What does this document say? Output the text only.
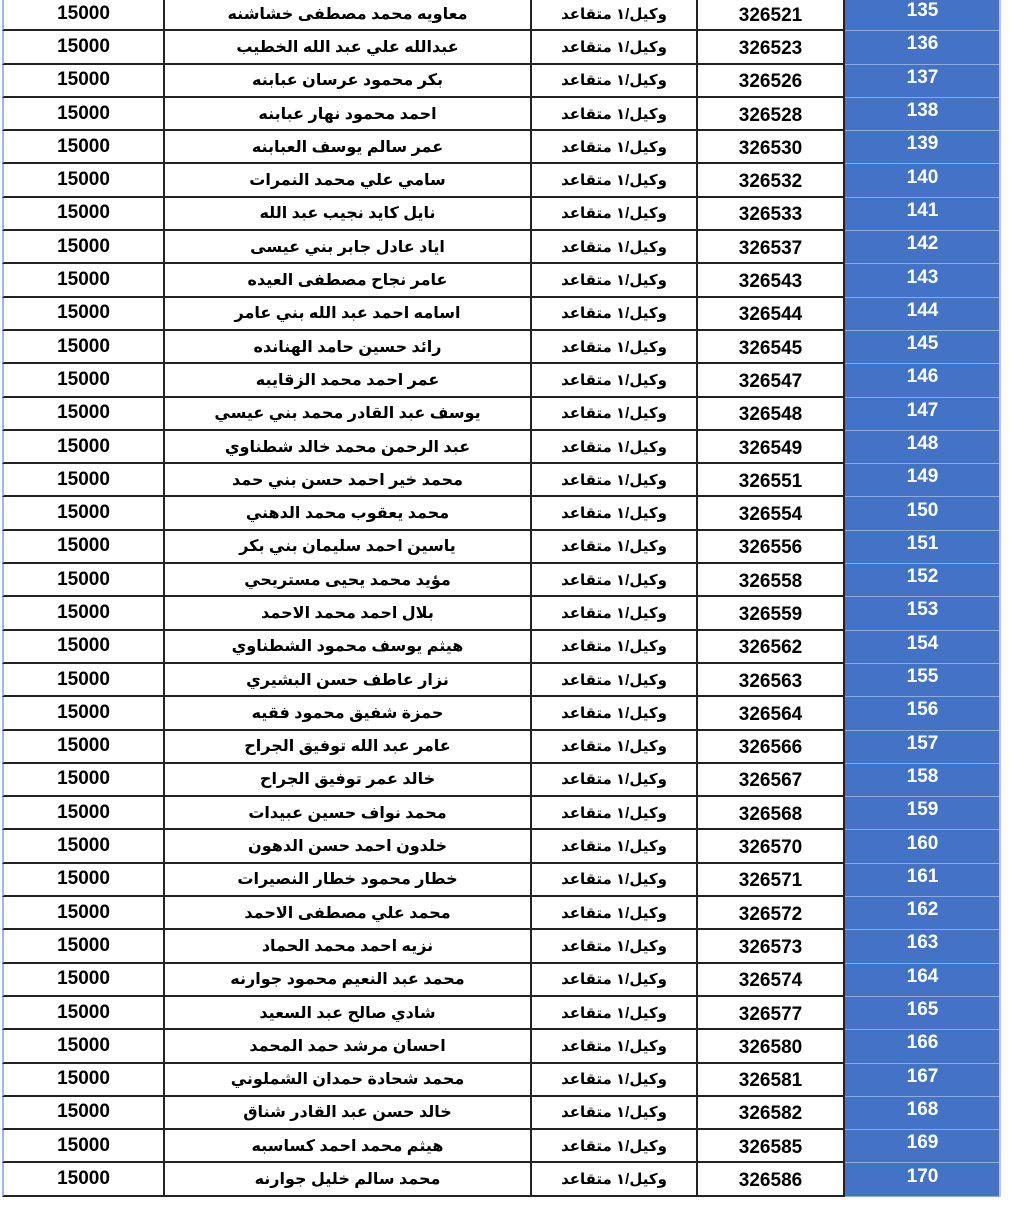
15000	معاويه محمد مصطفى خشاشنه	وكيل/١ متقاعد	326521	135
15000	عبدالله علي عبد الله الخطيب	وكيل/١ متقاعد	326523	136
15000	بكر محمود عرسان عبابنه	وكيل/١ متقاعد	326526	137
15000	احمد محمود نهار عبابنه	وكيل/١ متقاعد	326528	138
15000	عمر سالم يوسف العبابنه	وكيل/١ متقاعد	326530	139
15000	سامي علي محمد النمرات	وكيل/١ متقاعد	326532	140
15000	نايل كايد نجيب عبد الله	وكيل/١ متقاعد	326533	141
15000	اياد عادل جابر بني عيسى	وكيل/١ متقاعد	326537	142
15000	عامر نجاح مصطفى العيده	وكيل/١ متقاعد	326543	143
15000	اسامه احمد عبد الله بني عامر	وكيل/١ متقاعد	326544	144
15000	رائد حسين حامد الهنانده	وكيل/١ متقاعد	326545	145
15000	عمر احمد محمد الزقايبه	وكيل/١ متقاعد	326547	146
15000	يوسف عبد القادر محمد بني عيسي	وكيل/١ متقاعد	326548	147
15000	عبد الرحمن محمد خالد شطناوي	وكيل/١ متقاعد	326549	148
15000	محمد خير احمد حسن بني حمد	وكيل/١ متقاعد	326551	149
15000	محمد يعقوب محمد الدهني	وكيل/١ متقاعد	326554	150
15000	ياسين احمد سليمان بني بكر	وكيل/١ متقاعد	326556	151
15000	مؤيد محمد يحيى مستريحي	وكيل/١ متقاعد	326558	152
15000	بلال احمد محمد الاحمد	وكيل/١ متقاعد	326559	153
15000	هيثم يوسف محمود الشطناوي	وكيل/١ متقاعد	326562	154
15000	نزار عاطف حسن البشيري	وكيل/١ متقاعد	326563	155
15000	حمزة شفيق محمود فقيه	وكيل/١ متقاعد	326564	156
15000	عامر عبد الله توفيق الجراح	وكيل/١ متقاعد	326566	157
15000	خالد عمر توفيق الجراح	وكيل/١ متقاعد	326567	158
15000	محمد نواف حسين عبيدات	وكيل/١ متقاعد	326568	159
15000	خلدون احمد حسن الدهون	وكيل/١ متقاعد	326570	160
15000	خطار محمود خطار النصيرات	وكيل/١ متقاعد	326571	161
15000	محمد علي مصطفى الاحمد	وكيل/١ متقاعد	326572	162
15000	نزيه احمد محمد الحماد	وكيل/١ متقاعد	326573	163
15000	محمد عبد النعيم محمود جوارنه	وكيل/١ متقاعد	326574	164
15000	شادي صالح عبد السعيد	وكيل/١ متقاعد	326577	165
15000	احسان مرشد حمد المحمد	وكيل/١ متقاعد	326580	166
15000	محمد شحادة حمدان الشملوني	وكيل/١ متقاعد	326581	167
15000	خالد حسن عبد القادر شناق	وكيل/١ متقاعد	326582	168
15000	هيثم محمد احمد كساسبه	وكيل/١ متقاعد	326585	169
15000	محمد سالم خليل جوارنه	وكيل/١ متقاعد	326586	170
